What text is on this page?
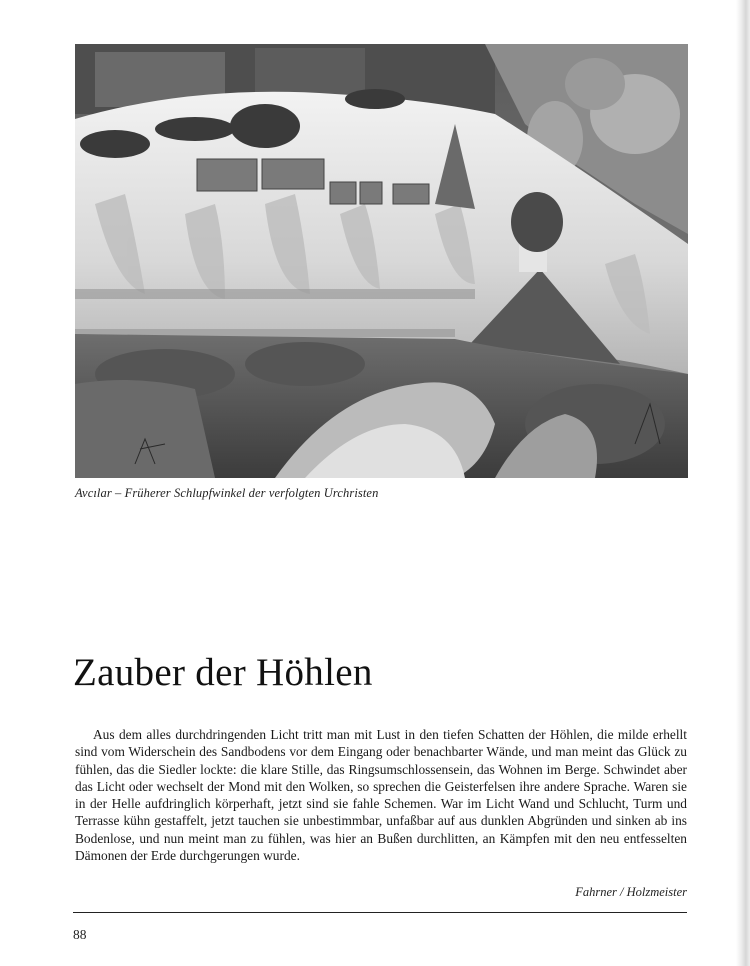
Avcılar – Früherer Schlupfwinkel der verfolgten Urchristen
Zauber der Höhlen

Aus dem alles durchdringenden Licht tritt man mit Lust in den tiefen Schatten der Höhlen, die milde erhellt sind vom Widerschein des Sandbodens vor dem Eingang oder benachbarter Wände, und man meint das Glück zu fühlen, das die Siedler lockte: die klare Stille, das Ringsumschlossensein, das Wohnen im Berge. Schwindet aber das Licht oder wechselt der Mond mit den Wolken, so sprechen die Geisterfelsen ihre andere Sprache. Waren sie in der Helle aufdringlich körperhaft, jetzt sind sie fahle Schemen. War im Licht Wand und Schlucht, Turm und Terrasse kühn gestaffelt, jetzt tauchen sie unbestimmbar, unfaßbar auf aus dunklen Abgründen und sinken ab ins Bodenlose, und nun meint man zu fühlen, was hier an Bußen durchlitten, an Kämpfen mit den neu entfesselten Dämonen der Erde durchgerungen wurde.

Fahrner / Holzmeister
88
